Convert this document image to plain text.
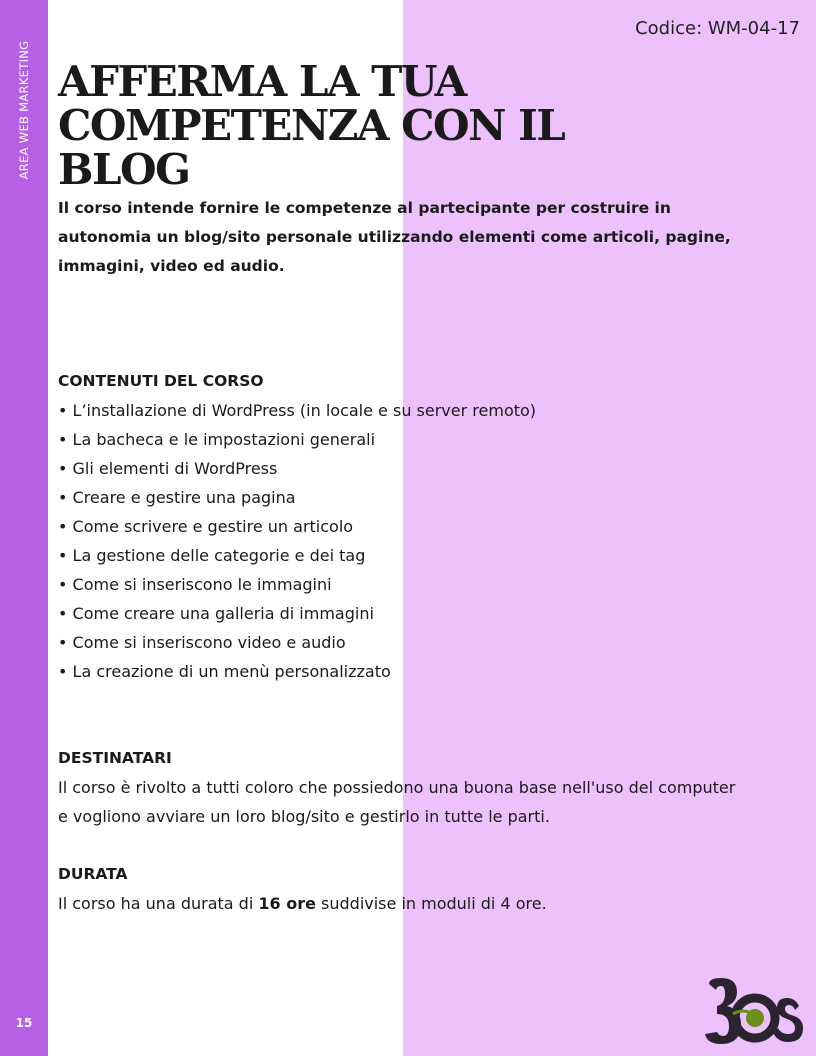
AREA WEB MARKETING
15
Codice: WM-04-17
AFFERMA LA TUA
COMPETENZA CON IL
BLOG

Il corso intende fornire le competenze al partecipante per costruire in autonomia un blog/sito personale utilizzando elementi come articoli, pagine, immagini, video ed audio.

CONTENUTI DEL CORSO

• L’installazione di WordPress (in locale e su server remoto)
• La bacheca e le impostazioni generali
• Gli elementi di WordPress
• Creare e gestire una pagina
• Come scrivere e gestire un articolo
• La gestione delle categorie e dei tag
• Come si inseriscono le immagini
• Come creare una galleria di immagini
• Come si inseriscono video e audio
• La creazione di un menù personalizzato

DESTINATARI

Il corso è rivolto a tutti coloro che possiedono una buona base nell'uso del computer e vogliono avviare un loro blog/sito e gestirlo in tutte le parti.

DURATA

Il corso ha una durata di 16 ore suddivise in moduli di 4 ore.
